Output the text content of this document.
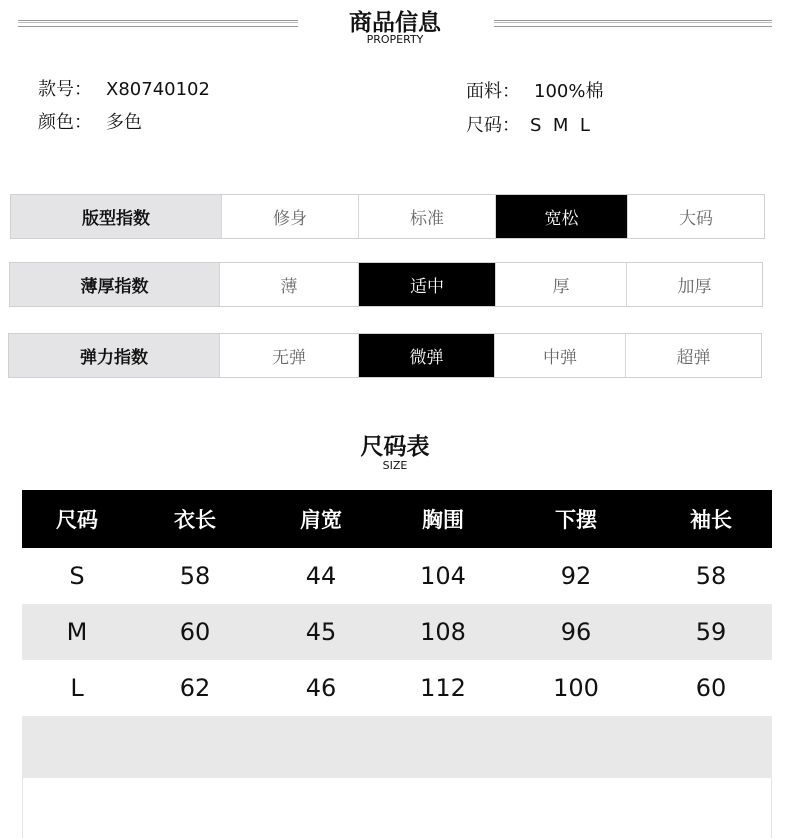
商品信息
PROPERTY
款号： X80740102	面料： 100%棉
颜色： 多色	尺码： S  M  L
版型指数	修身	标准	宽松	大码
薄厚指数	薄	适中	厚	加厚
弹力指数	无弹	微弹	中弹	超弹
尺码表
SIZE
尺码	衣长	肩宽	胸围	下摆	袖长
S	58	44	104	92	58
M	60	45	108	96	59
L	62	46	112	100	60
